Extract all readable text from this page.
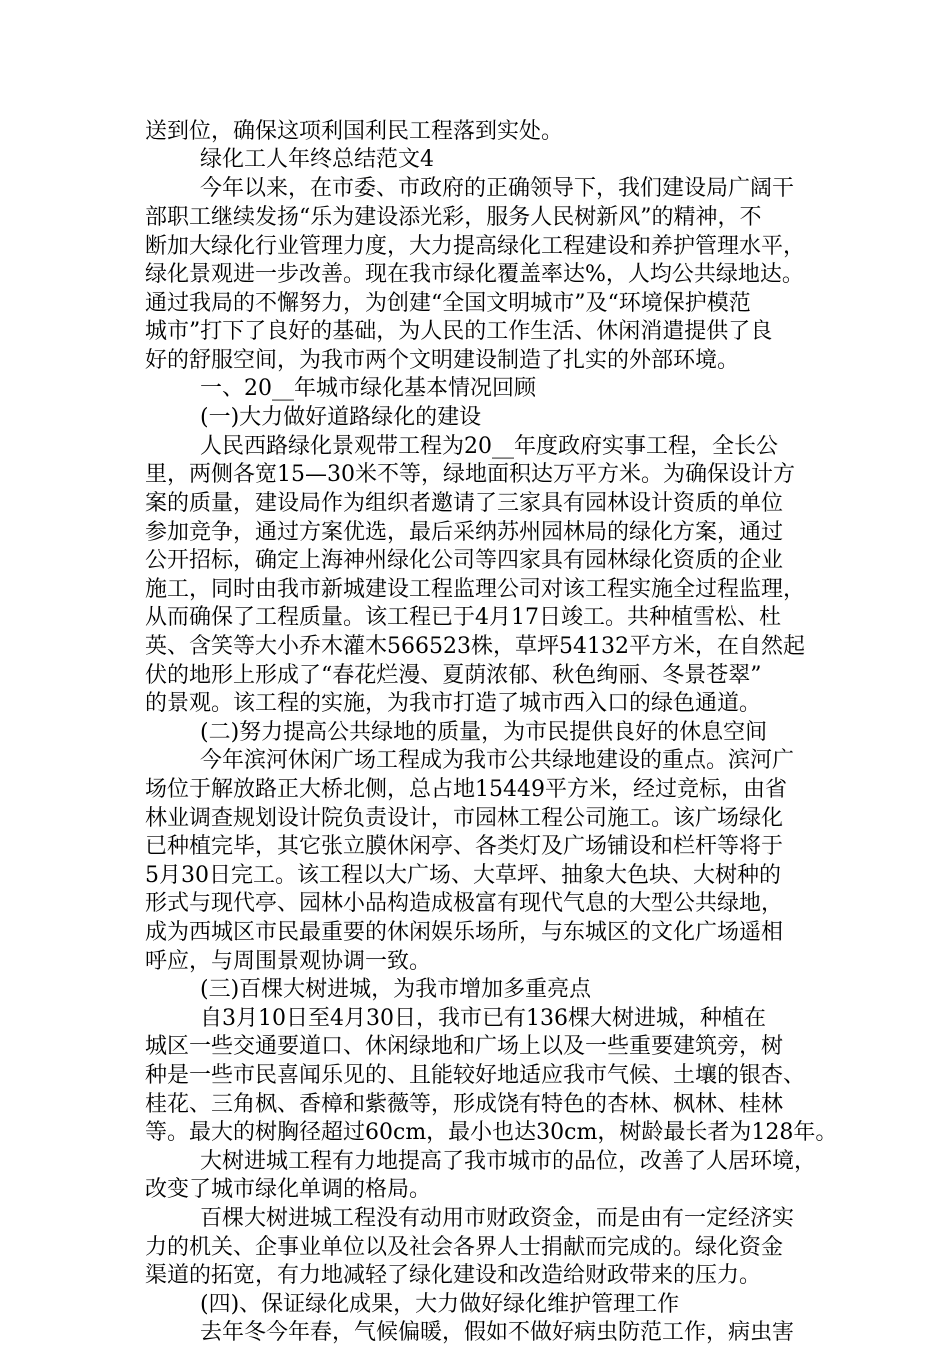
送到位，确保这项利国利民工程落到实处。
绿化工人年终总结范文4
今年以来，在市委、市政府的正确领导下，我们建设局广阔干
部职工继续发扬“乐为建设添光彩，服务人民树新风”的精神，不
断加大绿化行业管理力度，大力提高绿化工程建设和养护管理水平，
绿化景观进一步改善。现在我市绿化覆盖率达%，人均公共绿地达。
通过我局的不懈努力，为创建“全国文明城市”及“环境保护模范
城市”打下了良好的基础，为人民的工作生活、休闲消遣提供了良
好的舒服空间，为我市两个文明建设制造了扎实的外部环境。
一、20__年城市绿化基本情况回顾
(一)大力做好道路绿化的建设
人民西路绿化景观带工程为20__年度政府实事工程，全长公
里，两侧各宽15—30米不等，绿地面积达万平方米。为确保设计方
案的质量，建设局作为组织者邀请了三家具有园林设计资质的单位
参加竞争，通过方案优选，最后采纳苏州园林局的绿化方案，通过
公开招标，确定上海神州绿化公司等四家具有园林绿化资质的企业
施工，同时由我市新城建设工程监理公司对该工程实施全过程监理，
从而确保了工程质量。该工程已于4月17日竣工。共种植雪松、杜
英、含笑等大小乔木灌木566523株，草坪54132平方米，在自然起
伏的地形上形成了“春花烂漫、夏荫浓郁、秋色绚丽、冬景苍翠”
的景观。该工程的实施，为我市打造了城市西入口的绿色通道。
(二)努力提高公共绿地的质量，为市民提供良好的休息空间
今年滨河休闲广场工程成为我市公共绿地建设的重点。滨河广
场位于解放路正大桥北侧，总占地15449平方米，经过竞标，由省
林业调查规划设计院负责设计，市园林工程公司施工。该广场绿化
已种植完毕，其它张立膜休闲亭、各类灯及广场铺设和栏杆等将于
5月30日完工。该工程以大广场、大草坪、抽象大色块、大树种的
形式与现代亭、园林小品构造成极富有现代气息的大型公共绿地，
成为西城区市民最重要的休闲娱乐场所，与东城区的文化广场遥相
呼应，与周围景观协调一致。
(三)百棵大树进城，为我市增加多重亮点
自3月10日至4月30日，我市已有136棵大树进城，种植在
城区一些交通要道口、休闲绿地和广场上以及一些重要建筑旁，树
种是一些市民喜闻乐见的、且能较好地适应我市气候、土壤的银杏、
桂花、三角枫、香樟和紫薇等，形成饶有特色的杏林、枫林、桂林
等。最大的树胸径超过60cm，最小也达30cm，树龄最长者为128年。
大树进城工程有力地提高了我市城市的品位，改善了人居环境，
改变了城市绿化单调的格局。
百棵大树进城工程没有动用市财政资金，而是由有一定经济实
力的机关、企事业单位以及社会各界人士捐献而完成的。绿化资金
渠道的拓宽，有力地减轻了绿化建设和改造给财政带来的压力。
(四)、保证绿化成果，大力做好绿化维护管理工作
去年冬今年春，气候偏暖，假如不做好病虫防范工作，病虫害
